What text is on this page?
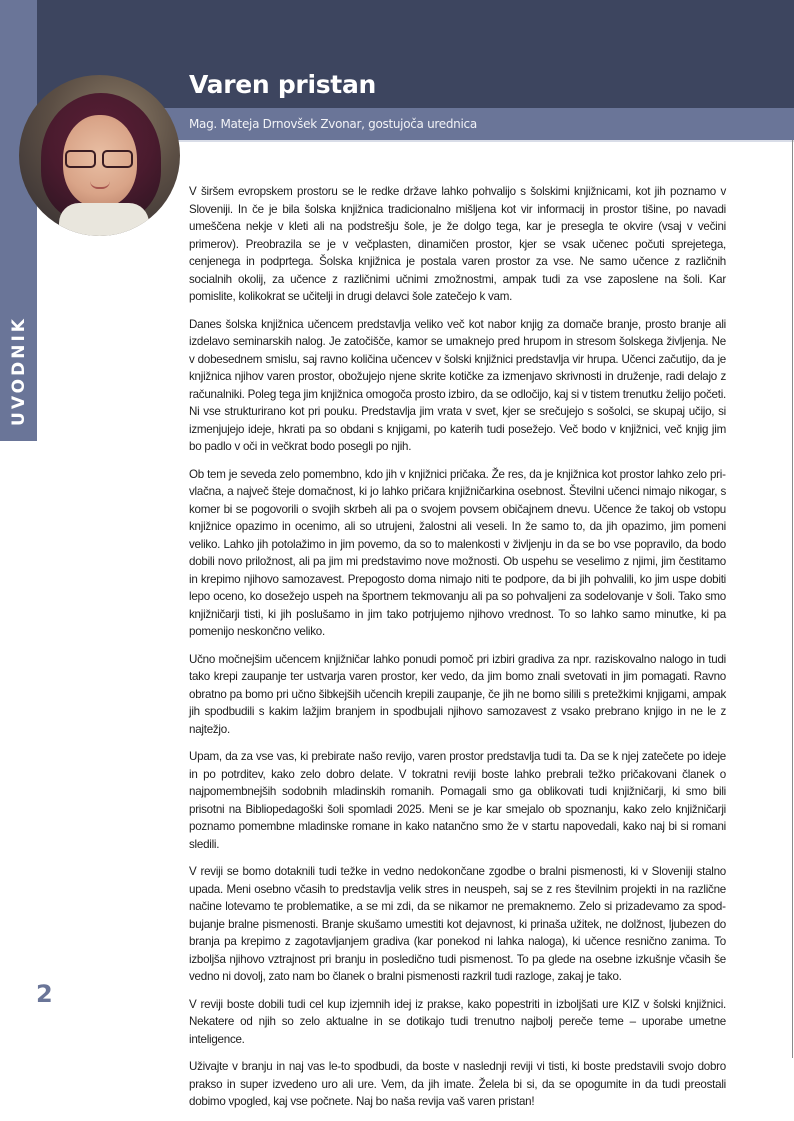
UVODNIK
Varen pristan
Mag. Mateja Drnovšek Zvonar, gostujoča urednica

V širšem evropskem prostoru se le redke države lahko pohvalijo s šolskimi knjižnicami, kot jih poznamo v Sloveniji. In če je bila šolska knjižnica tradicionalno mišljena kot vir informacij in prostor tišine, po navadi umeščena nekje v kleti ali na podstrešju šole, je že dolgo tega, kar je presegla te okvire (vsaj v večini primerov). Preobrazila se je v večplasten, dinamičen prostor, kjer se vsak učenec počuti sprejetega, cenjenega in podprtega. Šolska knjižnica je postala varen prostor za vse. Ne samo učence z različnih socialnih okolij, za učence z različnimi učnimi zmožnostmi, ampak tudi za vse zaposlene na šoli. Kar pomislite, kolikokrat se učitelji in drugi delavci šole zatečejo k vam.

Danes šolska knjižnica učencem predstavlja veliko več kot nabor knjig za domače branje, prosto branje ali izdelavo seminarskih nalog. Je zatočišče, kamor se umaknejo pred hrupom in stresom šolskega življenja. Ne v dobesednem smislu, saj ravno količina učencev v šolski knjižnici predstavlja vir hrupa. Učenci začutijo, da je knjižnica njihov varen prostor, obožujejo njene skrite kotičke za izmenjavo skrivnosti in druženje, radi delajo z računalniki. Poleg tega jim knjižnica omogoča prosto izbiro, da se odločijo, kaj si v tistem trenutku želijo početi. Ni vse strukturirano kot pri pouku. Predstavlja jim vrata v svet, kjer se srečujejo s sošolci, se skupaj učijo, si izmenjujejo ideje, hkrati pa so obdani s knjigami, po katerih tudi posežejo. Več bodo v knjižnici, več knjig jim bo padlo v oči in večkrat bodo posegli po njih.

Ob tem je seveda zelo pomembno, kdo jih v knjižnici pričaka. Že res, da je knjižnica kot prostor lahko zelo privlačna, a največ šteje domačnost, ki jo lahko pričara knjižničarkina osebnost. Številni učenci nimajo nikogar, s komer bi se pogovorili o svojih skrbeh ali pa o svojem povsem običajnem dnevu. Učence že takoj ob vstopu knjižnice opazimo in ocenimo, ali so utrujeni, žalostni ali veseli. In že samo to, da jih opazimo, jim pomeni veliko. Lahko jih potolažimo in jim povemo, da so to malenkosti v življenju in da se bo vse popravilo, da bodo dobili novo priložnost, ali pa jim mi predstavimo nove možnosti. Ob uspehu se veselimo z njimi, jim čestitamo in krepimo njihovo samozavest. Prepogosto doma nimajo niti te podpore, da bi jih pohvalili, ko jim uspe dobiti lepo oceno, ko dosežejo uspeh na športnem tekmovanju ali pa so pohvaljeni za sodelovanje v šoli. Tako smo knjižničarji tisti, ki jih poslušamo in jim tako potrjujemo njihovo vrednost. To so lahko samo minutke, ki pa pomenijo neskončno veliko.

Učno močnejšim učencem knjižničar lahko ponudi pomoč pri izbiri gradiva za npr. raziskovalno nalogo in tudi tako krepi zaupanje ter ustvarja varen prostor, ker vedo, da jim bomo znali svetovati in jim pomagati. Ravno obratno pa bomo pri učno šibkejših učencih krepili zaupanje, če jih ne bomo silili s pretežkimi knjigami, ampak jih spodbudili s kakim lažjim branjem in spodbujali njihovo samozavest z vsako prebrano knjigo in ne le z najtežjo.

Upam, da za vse vas, ki prebirate našo revijo, varen prostor predstavlja tudi ta. Da se k njej zatečete po ideje in po potrditev, kako zelo dobro delate. V tokratni reviji boste lahko prebrali težko pričakovani članek o najpomembnejših sodobnih mladinskih romanih. Pomagali smo ga oblikovati tudi knjižničarji, ki smo bili prisotni na Bibliopedagoški šoli spomladi 2025. Meni se je kar smejalo ob spoznanju, kako zelo knjižničarji poznamo pomembne mladinske romane in kako natančno smo že v startu napovedali, kako naj bi si romani sledili.

V reviji se bomo dotaknili tudi težke in vedno nedokončane zgodbe o bralni pismenosti, ki v Sloveniji stalno upada. Meni osebno včasih to predstavlja velik stres in neuspeh, saj se z res številnim projekti in na različne načine lotevamo te problematike, a se mi zdi, da se nikamor ne premaknemo. Zelo si prizadevamo za spodbujanje bralne pismenosti. Branje skušamo umestiti kot dejavnost, ki prinaša užitek, ne dolžnost, ljubezen do branja pa krepimo z zagotavljanjem gradiva (kar ponekod ni lahka naloga), ki učence resnično zanima. To izboljša njihovo vztrajnost pri branju in posledično tudi pismenost. To pa glede na osebne izkušnje včasih še vedno ni dovolj, zato nam bo članek o bralni pismenosti razkril tudi razloge, zakaj je tako.

V reviji boste dobili tudi cel kup izjemnih idej iz prakse, kako popestriti in izboljšati ure KIZ v šolski knjižnici. Nekatere od njih so zelo aktualne in se dotikajo tudi trenutno najbolj pereče teme – uporabe umetne inteligence.

Uživajte v branju in naj vas le-to spodbudi, da boste v naslednji reviji vi tisti, ki boste predstavili svojo dobro prakso in super izvedeno uro ali ure. Vem, da jih imate. Želela bi si, da se opogumite in da tudi preostali dobimo vpogled, kaj vse počnete. Naj bo naša revija vaš varen pristan!

2
